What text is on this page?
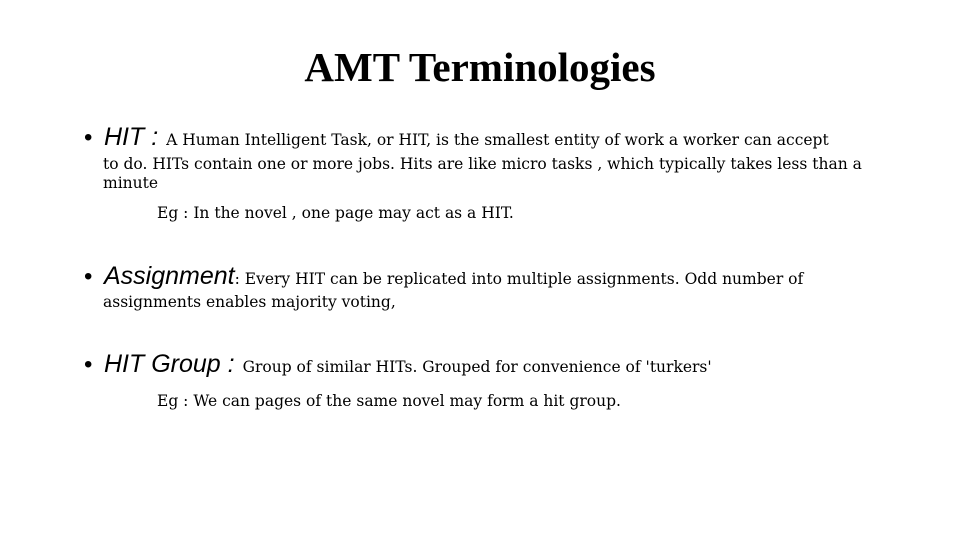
AMT Terminologies
• HIT : A Human Intelligent Task, or HIT, is the smallest entity of work a worker can accept
to do. HITs contain one or more jobs. Hits are like micro tasks , which typically takes less than a
minute
Eg : In the novel , one page may act as a HIT.
• Assignment: Every HIT can be replicated into multiple assignments. Odd number of
assignments enables majority voting,
• HIT Group : Group of similar HITs. Grouped for convenience of 'turkers'
Eg : We can pages of the same novel may form a hit group.
